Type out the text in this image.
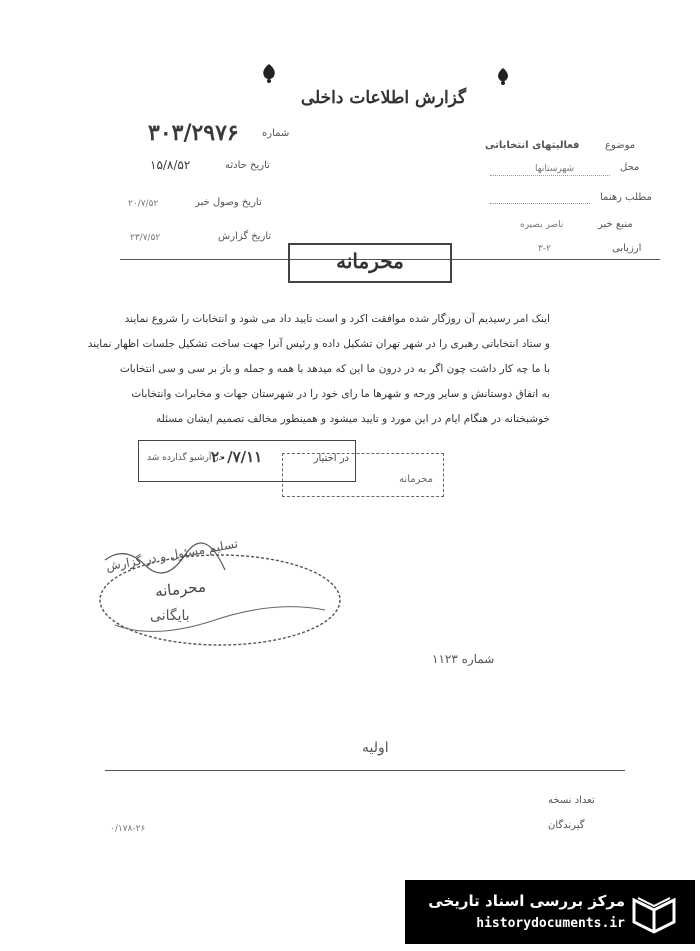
گزارش اطلاعات داخلی
شماره
۳۰۳/۲۹۷۶
تاریخ حادثه
۱۵/۸/۵۲
تاریخ وصول خبر
۲۰/۷/۵۲
تاریخ گزارش
۲۳/۷/۵۲
موضوع
فعالیتهای انتخاباتی
محل
شهرستانها
مطلب رهنما
منبع خبر
ناصر بصیره
ارزیابی
۳-۲
محرمانه
اینک امر رسیدیم آن روزگار شده موافقت اکرد و است تایید داد می شود و انتخابات را شروع نمایند
و ستاد انتخاباتی رهبری را در شهر تهران تشکیل داده و رئیس آنرا جهت ساخت تشکیل جلسات اظهار نمایند
با ما چه کار داشت چون اگر به در درون ما این که میدهد با همه و جمله و باز بر سی و سی انتخابات
به اتفاق دوستانش و سایر ورحه و شهرها ما رای خود را در شهرستان جهات و مخابرات وانتخابات
خوشبختانه در هنگام ایام در این مورد و تایید میشود و همینطور مخالف تصمیم ایشان مسئله
در اختیار
۲۰/۷/۱۱
در آرشیو گذارده شد
محرمانه
تسلیم مسئول و در گزارش
محرمانه
بایگانی
شماره ۱۱۲۳
اولیه
تعداد نسخه
گیرندگان
۰/۱۷۸-۲۶
مرکز بررسی اسناد تاریخی
historydocuments.ir
